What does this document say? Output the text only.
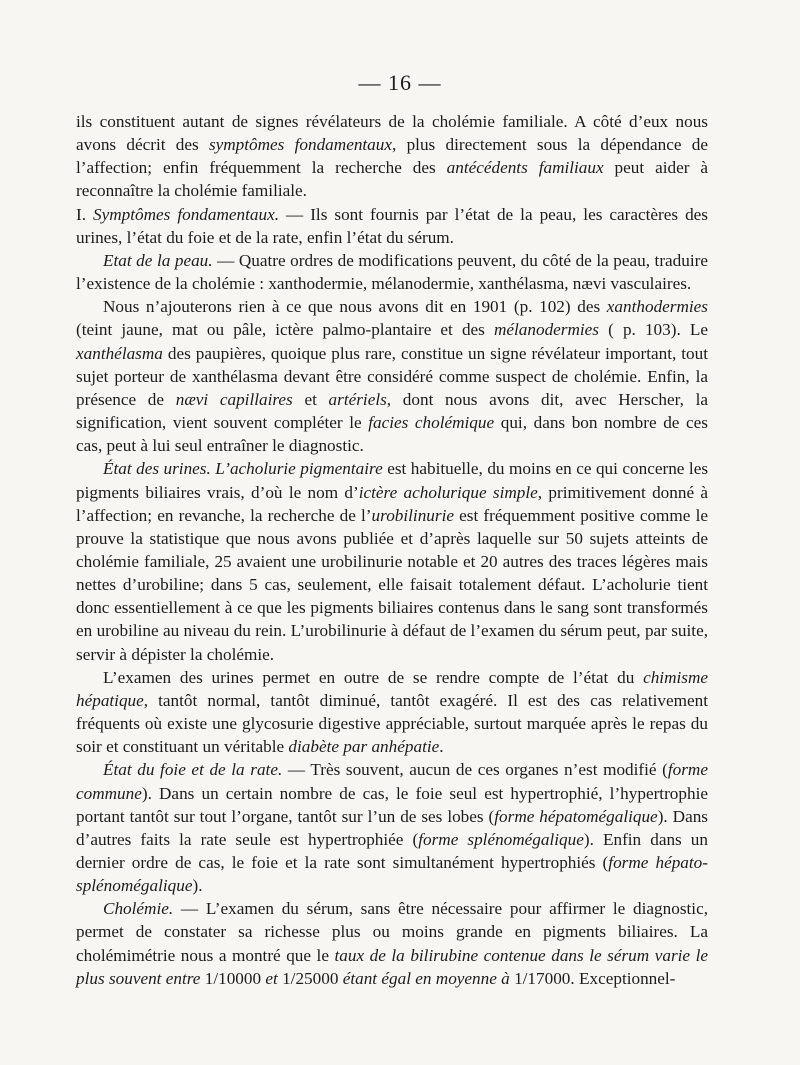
— 16 —

ils constituent autant de signes révélateurs de la cholémie familiale. A côté d’eux nous avons décrit des symptômes fondamentaux, plus directement sous la dépendance de l’affection; enfin fréquemment la recherche des antécédents familiaux peut aider à reconnaître la cholémie familiale.

I. Symptômes fondamentaux. — Ils sont fournis par l’état de la peau, les caractères des urines, l’état du foie et de la rate, enfin l’état du sérum.

Etat de la peau. — Quatre ordres de modifications peuvent, du côté de la peau, traduire l’existence de la cholémie : xanthodermie, mélanodermie, xanthélasma, nævi vasculaires.

Nous n’ajouterons rien à ce que nous avons dit en 1901 (p. 102) des xanthodermies (teint jaune, mat ou pâle, ictère palmo-plantaire et des mélanodermies ( p. 103). Le xanthélasma des paupières, quoique plus rare, constitue un signe révélateur important, tout sujet porteur de xanthélasma devant être considéré comme suspect de cholémie. Enfin, la présence de nævi capillaires et artériels, dont nous avons dit, avec Herscher, la signification, vient souvent compléter le facies cholémique qui, dans bon nombre de ces cas, peut à lui seul entraîner le diagnostic.

État des urines. L’acholurie pigmentaire est habituelle, du moins en ce qui concerne les pigments biliaires vrais, d’où le nom d’ictère acholurique simple, primitivement donné à l’affection; en revanche, la recherche de l’urobilinurie est fréquemment positive comme le prouve la statistique que nous avons publiée et d’après laquelle sur 50 sujets atteints de cholémie familiale, 25 avaient une urobilinurie notable et 20 autres des traces légères mais nettes d’urobiline; dans 5 cas, seulement, elle faisait totalement défaut. L’acholurie tient donc essentiellement à ce que les pigments biliaires contenus dans le sang sont transformés en urobiline au niveau du rein. L’urobilinurie à défaut de l’examen du sérum peut, par suite, servir à dépister la cholémie.

L’examen des urines permet en outre de se rendre compte de l’état du chimisme hépatique, tantôt normal, tantôt diminué, tantôt exagéré. Il est des cas relativement fréquents où existe une glycosurie digestive appréciable, surtout marquée après le repas du soir et constituant un véritable diabète par anhépatie.

État du foie et de la rate. — Très souvent, aucun de ces organes n’est modifié (forme commune). Dans un certain nombre de cas, le foie seul est hypertrophié, l’hypertrophie portant tantôt sur tout l’organe, tantôt sur l’un de ses lobes (forme hépatomégalique). Dans d’autres faits la rate seule est hypertrophiée (forme splénomégalique). Enfin dans un dernier ordre de cas, le foie et la rate sont simultanément hypertrophiés (forme hépato-splénomégalique).

Cholémie. — L’examen du sérum, sans être nécessaire pour affirmer le diagnostic, permet de constater sa richesse plus ou moins grande en pigments biliaires. La cholémimétrie nous a montré que le taux de la bilirubine contenue dans le sérum varie le plus souvent entre 1/10000 et 1/25000 étant égal en moyenne à 1/17000. Exceptionnel-
